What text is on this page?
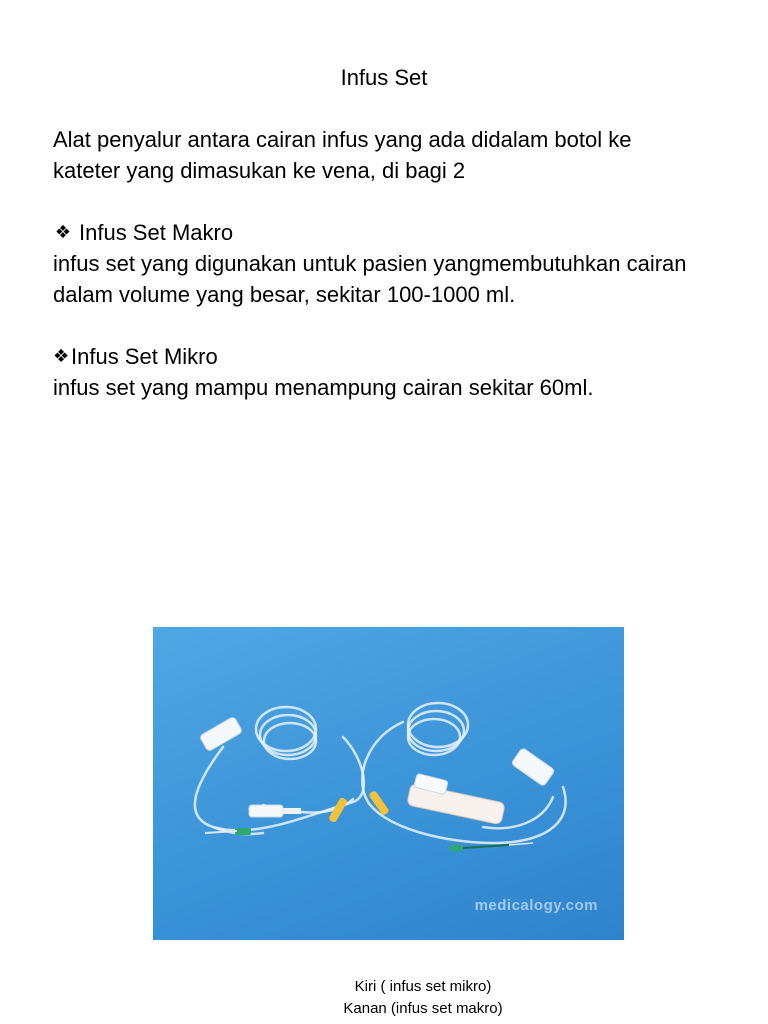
Infus Set

Alat penyalur antara cairan infus yang ada didalam botol ke

kateter yang dimasukan ke vena, di bagi 2

❖ Infus Set Makro

infus set yang digunakan untuk pasien yangmembutuhkan cairan

dalam volume yang besar, sekitar 100-1000 ml.

❖ Infus Set Mikro

infus set yang mampu menampung cairan sekitar 60ml.

medicalogy.com
Kiri ( infus set mikro)
Kanan (infus set makro)
